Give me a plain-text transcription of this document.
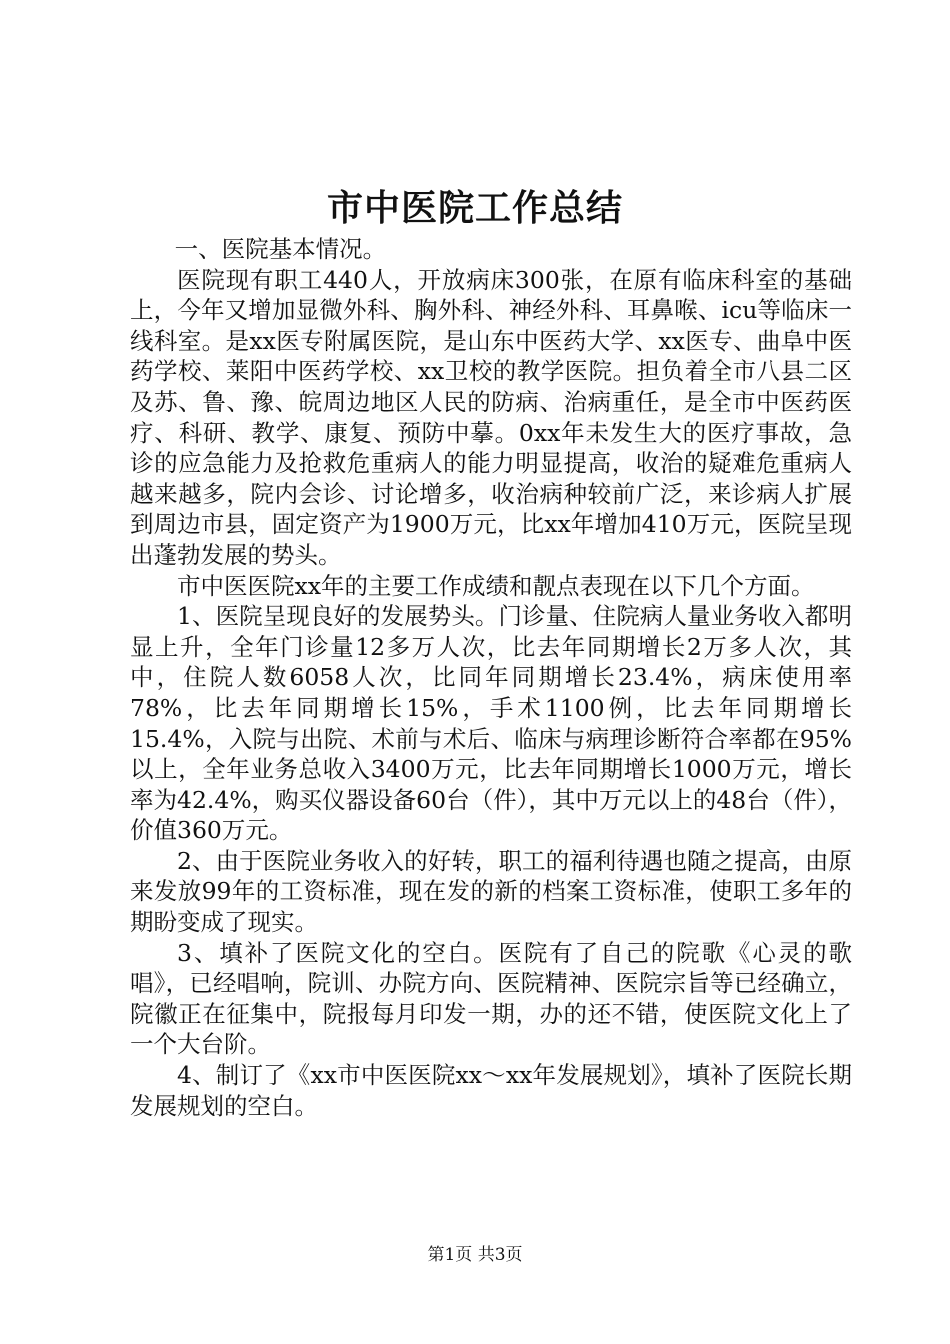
市中医院工作总结

一、医院基本情况。

医院现有职工440人，开放病床300张，在原有临床科室的基础上，今年又增加显微外科、胸外科、神经外科、耳鼻喉、icu等临床一线科室。是xx医专附属医院，是山东中医药大学、xx医专、曲阜中医药学校、莱阳中医药学校、xx卫校的教学医院。担负着全市八县二区及苏、鲁、豫、皖周边地区人民的防病、治病重任，是全市中医药医疗、科研、教学、康复、预防中摹。0xx年未发生大的医疗事故，急诊的应急能力及抢救危重病人的能力明显提高，收治的疑难危重病人越来越多，院内会诊、讨论增多，收治病种较前广泛，来诊病人扩展到周边市县，固定资产为1900万元，比xx年增加410万元，医院呈现出蓬勃发展的势头。

市中医医院xx年的主要工作成绩和靓点表现在以下几个方面。

1、医院呈现良好的发展势头。门诊量、住院病人量业务收入都明显上升，全年门诊量12多万人次，比去年同期增长2万多人次，其中，住院人数6058人次，比同年同期增长23.4%，病床使用率78%，比去年同期增长15%，手术1100例，比去年同期增长15.4%，入院与出院、术前与术后、临床与病理诊断符合率都在95%以上，全年业务总收入3400万元，比去年同期增长1000万元，增长率为42.4%，购买仪器设备60台（件），其中万元以上的48台（件），价值360万元。

2、由于医院业务收入的好转，职工的福利待遇也随之提高，由原来发放99年的工资标准，现在发的新的档案工资标准，使职工多年的期盼变成了现实。

3、填补了医院文化的空白。医院有了自己的院歌《心灵的歌唱》，已经唱响，院训、办院方向、医院精神、医院宗旨等已经确立，院徽正在征集中，院报每月印发一期，办的还不错，使医院文化上了一个大台阶。

4、制订了《xx市中医医院xx～xx年发展规划》，填补了医院长期发展规划的空白。

第1页 共3页
